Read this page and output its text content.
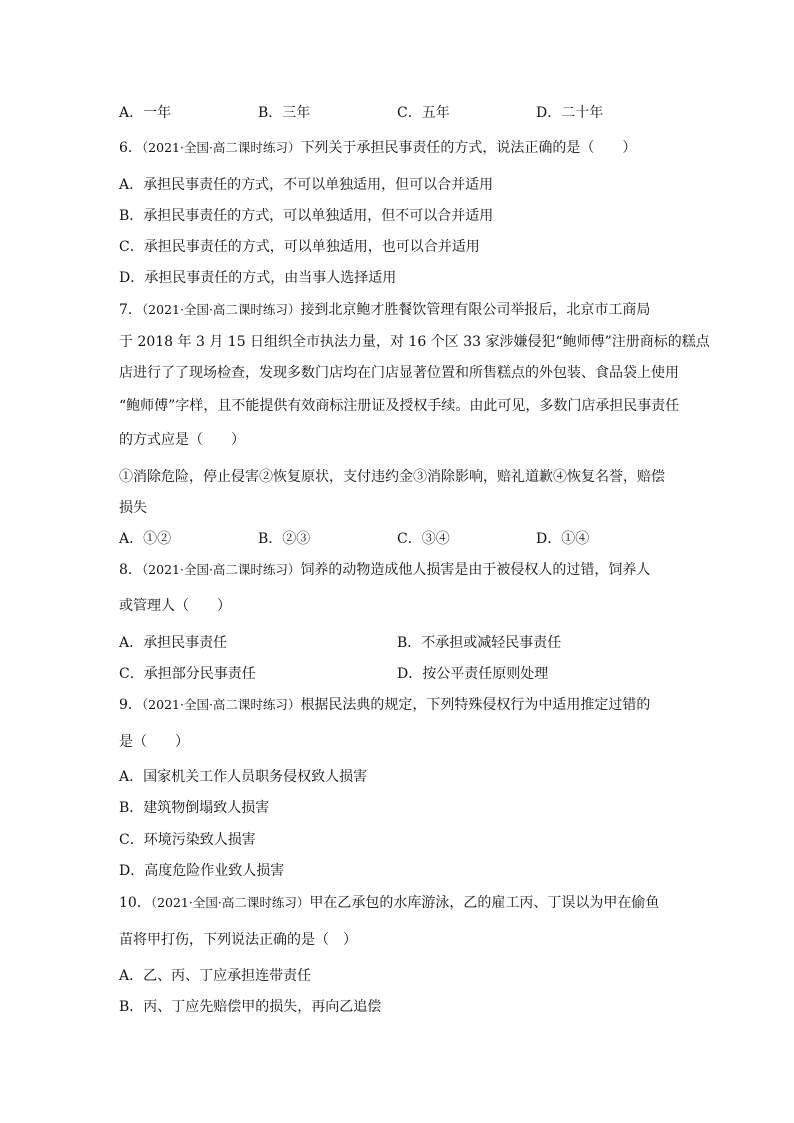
A．一年	B．三年	C．五年	D．二十年
6．（2021·全国·高二课时练习）下列关于承担民事责任的方式，说法正确的是（　　）
A．承担民事责任的方式，不可以单独适用，但可以合并适用
B．承担民事责任的方式，可以单独适用，但不可以合并适用
C．承担民事责任的方式，可以单独适用，也可以合并适用
D．承担民事责任的方式，由当事人选择适用
7．（2021·全国·高二课时练习）接到北京鲍才胜餐饮管理有限公司举报后，北京市工商局
于 2018 年 3 月 15 日组织全市执法力量，对 16 个区 33 家涉嫌侵犯“鲍师傅”注册商标的糕点
店进行了了现场检查，发现多数门店均在门店显著位置和所售糕点的外包装、食品袋上使用
“鲍师傅”字样，且不能提供有效商标注册证及授权手续。由此可见，多数门店承担民事责任
的方式应是（　　）
①消除危险，停止侵害②恢复原状，支付违约金③消除影响，赔礼道歉④恢复名誉，赔偿
损失
A．①②	B．②③	C．③④	D．①④
8．（2021·全国·高二课时练习）饲养的动物造成他人损害是由于被侵权人的过错，饲养人
或管理人（　　）
A．承担民事责任	B．不承担或减轻民事责任
C．承担部分民事责任	D．按公平责任原则处理
9．（2021·全国·高二课时练习）根据民法典的规定，下列特殊侵权行为中适用推定过错的
是（　　）
A．国家机关工作人员职务侵权致人损害
B．建筑物倒塌致人损害
C．环境污染致人损害
D．高度危险作业致人损害
10．（2021·全国·高二课时练习）甲在乙承包的水库游泳，乙的雇工丙、丁误以为甲在偷鱼
苗将甲打伤，下列说法正确的是（　）
A．乙、丙、丁应承担连带责任
B．丙、丁应先赔偿甲的损失，再向乙追偿
